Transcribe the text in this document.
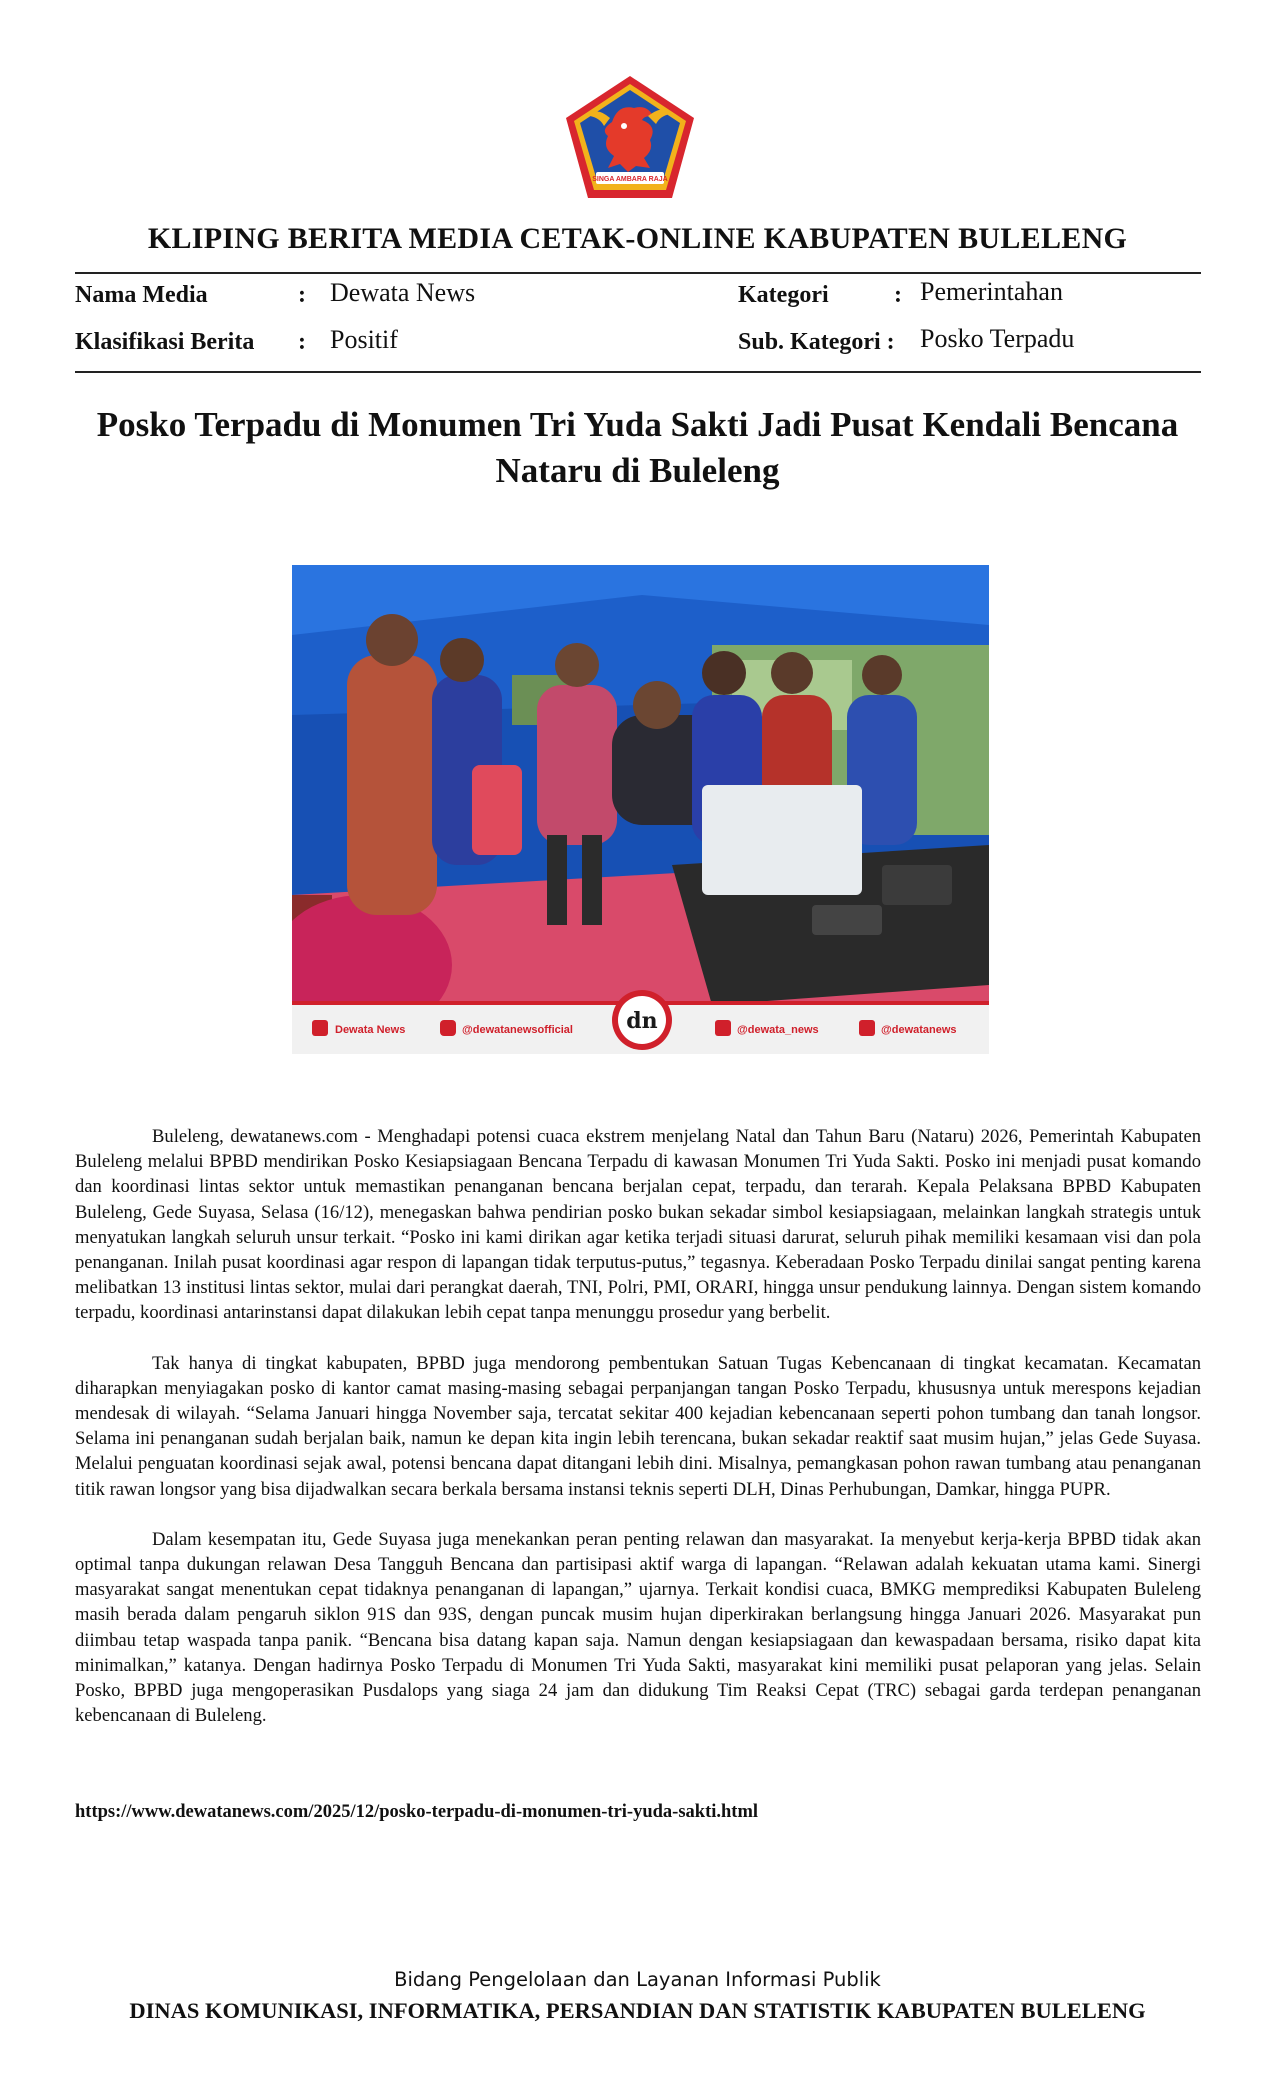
SINGA AMBARA RAJA
KLIPING BERITA MEDIA CETAK-ONLINE KABUPATEN BULELENG
Nama Media	: Dewata News	Kategori	: Pemerintahan
Klasifikasi Berita : Positif	Sub. Kategori : Posko Terpadu
Posko Terpadu di Monumen Tri Yuda Sakti Jadi Pusat Kendali Bencana Nataru di Buleleng
Dewata News	@dewatanewsofficial dn	@dewata_news	@dewatanews

Buleleng, dewatanews.com - Menghadapi potensi cuaca ekstrem menjelang Natal dan Tahun Baru (Nataru) 2026, Pemerintah Kabupaten Buleleng melalui BPBD mendirikan Posko Kesiapsiagaan Bencana Terpadu di kawasan Monumen Tri Yuda Sakti. Posko ini menjadi pusat komando dan koordinasi lintas sektor untuk memastikan penanganan bencana berjalan cepat, terpadu, dan terarah. Kepala Pelaksana BPBD Kabupaten Buleleng, Gede Suyasa, Selasa (16/12), menegaskan bahwa pendirian posko bukan sekadar simbol kesiapsiagaan, melainkan langkah strategis untuk menyatukan langkah seluruh unsur terkait. “Posko ini kami dirikan agar ketika terjadi situasi darurat, seluruh pihak memiliki kesamaan visi dan pola penanganan. Inilah pusat koordinasi agar respon di lapangan tidak terputus-putus,” tegasnya. Keberadaan Posko Terpadu dinilai sangat penting karena melibatkan 13 institusi lintas sektor, mulai dari perangkat daerah, TNI, Polri, PMI, ORARI, hingga unsur pendukung lainnya. Dengan sistem komando terpadu, koordinasi antarinstansi dapat dilakukan lebih cepat tanpa menunggu prosedur yang berbelit.

Tak hanya di tingkat kabupaten, BPBD juga mendorong pembentukan Satuan Tugas Kebencanaan di tingkat kecamatan. Kecamatan diharapkan menyiagakan posko di kantor camat masing-masing sebagai perpanjangan tangan Posko Terpadu, khususnya untuk merespons kejadian mendesak di wilayah. “Selama Januari hingga November saja, tercatat sekitar 400 kejadian kebencanaan seperti pohon tumbang dan tanah longsor. Selama ini penanganan sudah berjalan baik, namun ke depan kita ingin lebih terencana, bukan sekadar reaktif saat musim hujan,” jelas Gede Suyasa. Melalui penguatan koordinasi sejak awal, potensi bencana dapat ditangani lebih dini. Misalnya, pemangkasan pohon rawan tumbang atau penanganan titik rawan longsor yang bisa dijadwalkan secara berkala bersama instansi teknis seperti DLH, Dinas Perhubungan, Damkar, hingga PUPR.

Dalam kesempatan itu, Gede Suyasa juga menekankan peran penting relawan dan masyarakat. Ia menyebut kerja-kerja BPBD tidak akan optimal tanpa dukungan relawan Desa Tangguh Bencana dan partisipasi aktif warga di lapangan. “Relawan adalah kekuatan utama kami. Sinergi masyarakat sangat menentukan cepat tidaknya penanganan di lapangan,” ujarnya. Terkait kondisi cuaca, BMKG memprediksi Kabupaten Buleleng masih berada dalam pengaruh siklon 91S dan 93S, dengan puncak musim hujan diperkirakan berlangsung hingga Januari 2026. Masyarakat pun diimbau tetap waspada tanpa panik. “Bencana bisa datang kapan saja. Namun dengan kesiapsiagaan dan kewaspadaan bersama, risiko dapat kita minimalkan,” katanya. Dengan hadirnya Posko Terpadu di Monumen Tri Yuda Sakti, masyarakat kini memiliki pusat pelaporan yang jelas. Selain Posko, BPBD juga mengoperasikan Pusdalops yang siaga 24 jam dan didukung Tim Reaksi Cepat (TRC) sebagai garda terdepan penanganan kebencanaan di Buleleng.

https://www.dewatanews.com/2025/12/posko-terpadu-di-monumen-tri-yuda-sakti.html
Bidang Pengelolaan dan Layanan Informasi Publik
DINAS KOMUNIKASI, INFORMATIKA, PERSANDIAN DAN STATISTIK KABUPATEN BULELENG
